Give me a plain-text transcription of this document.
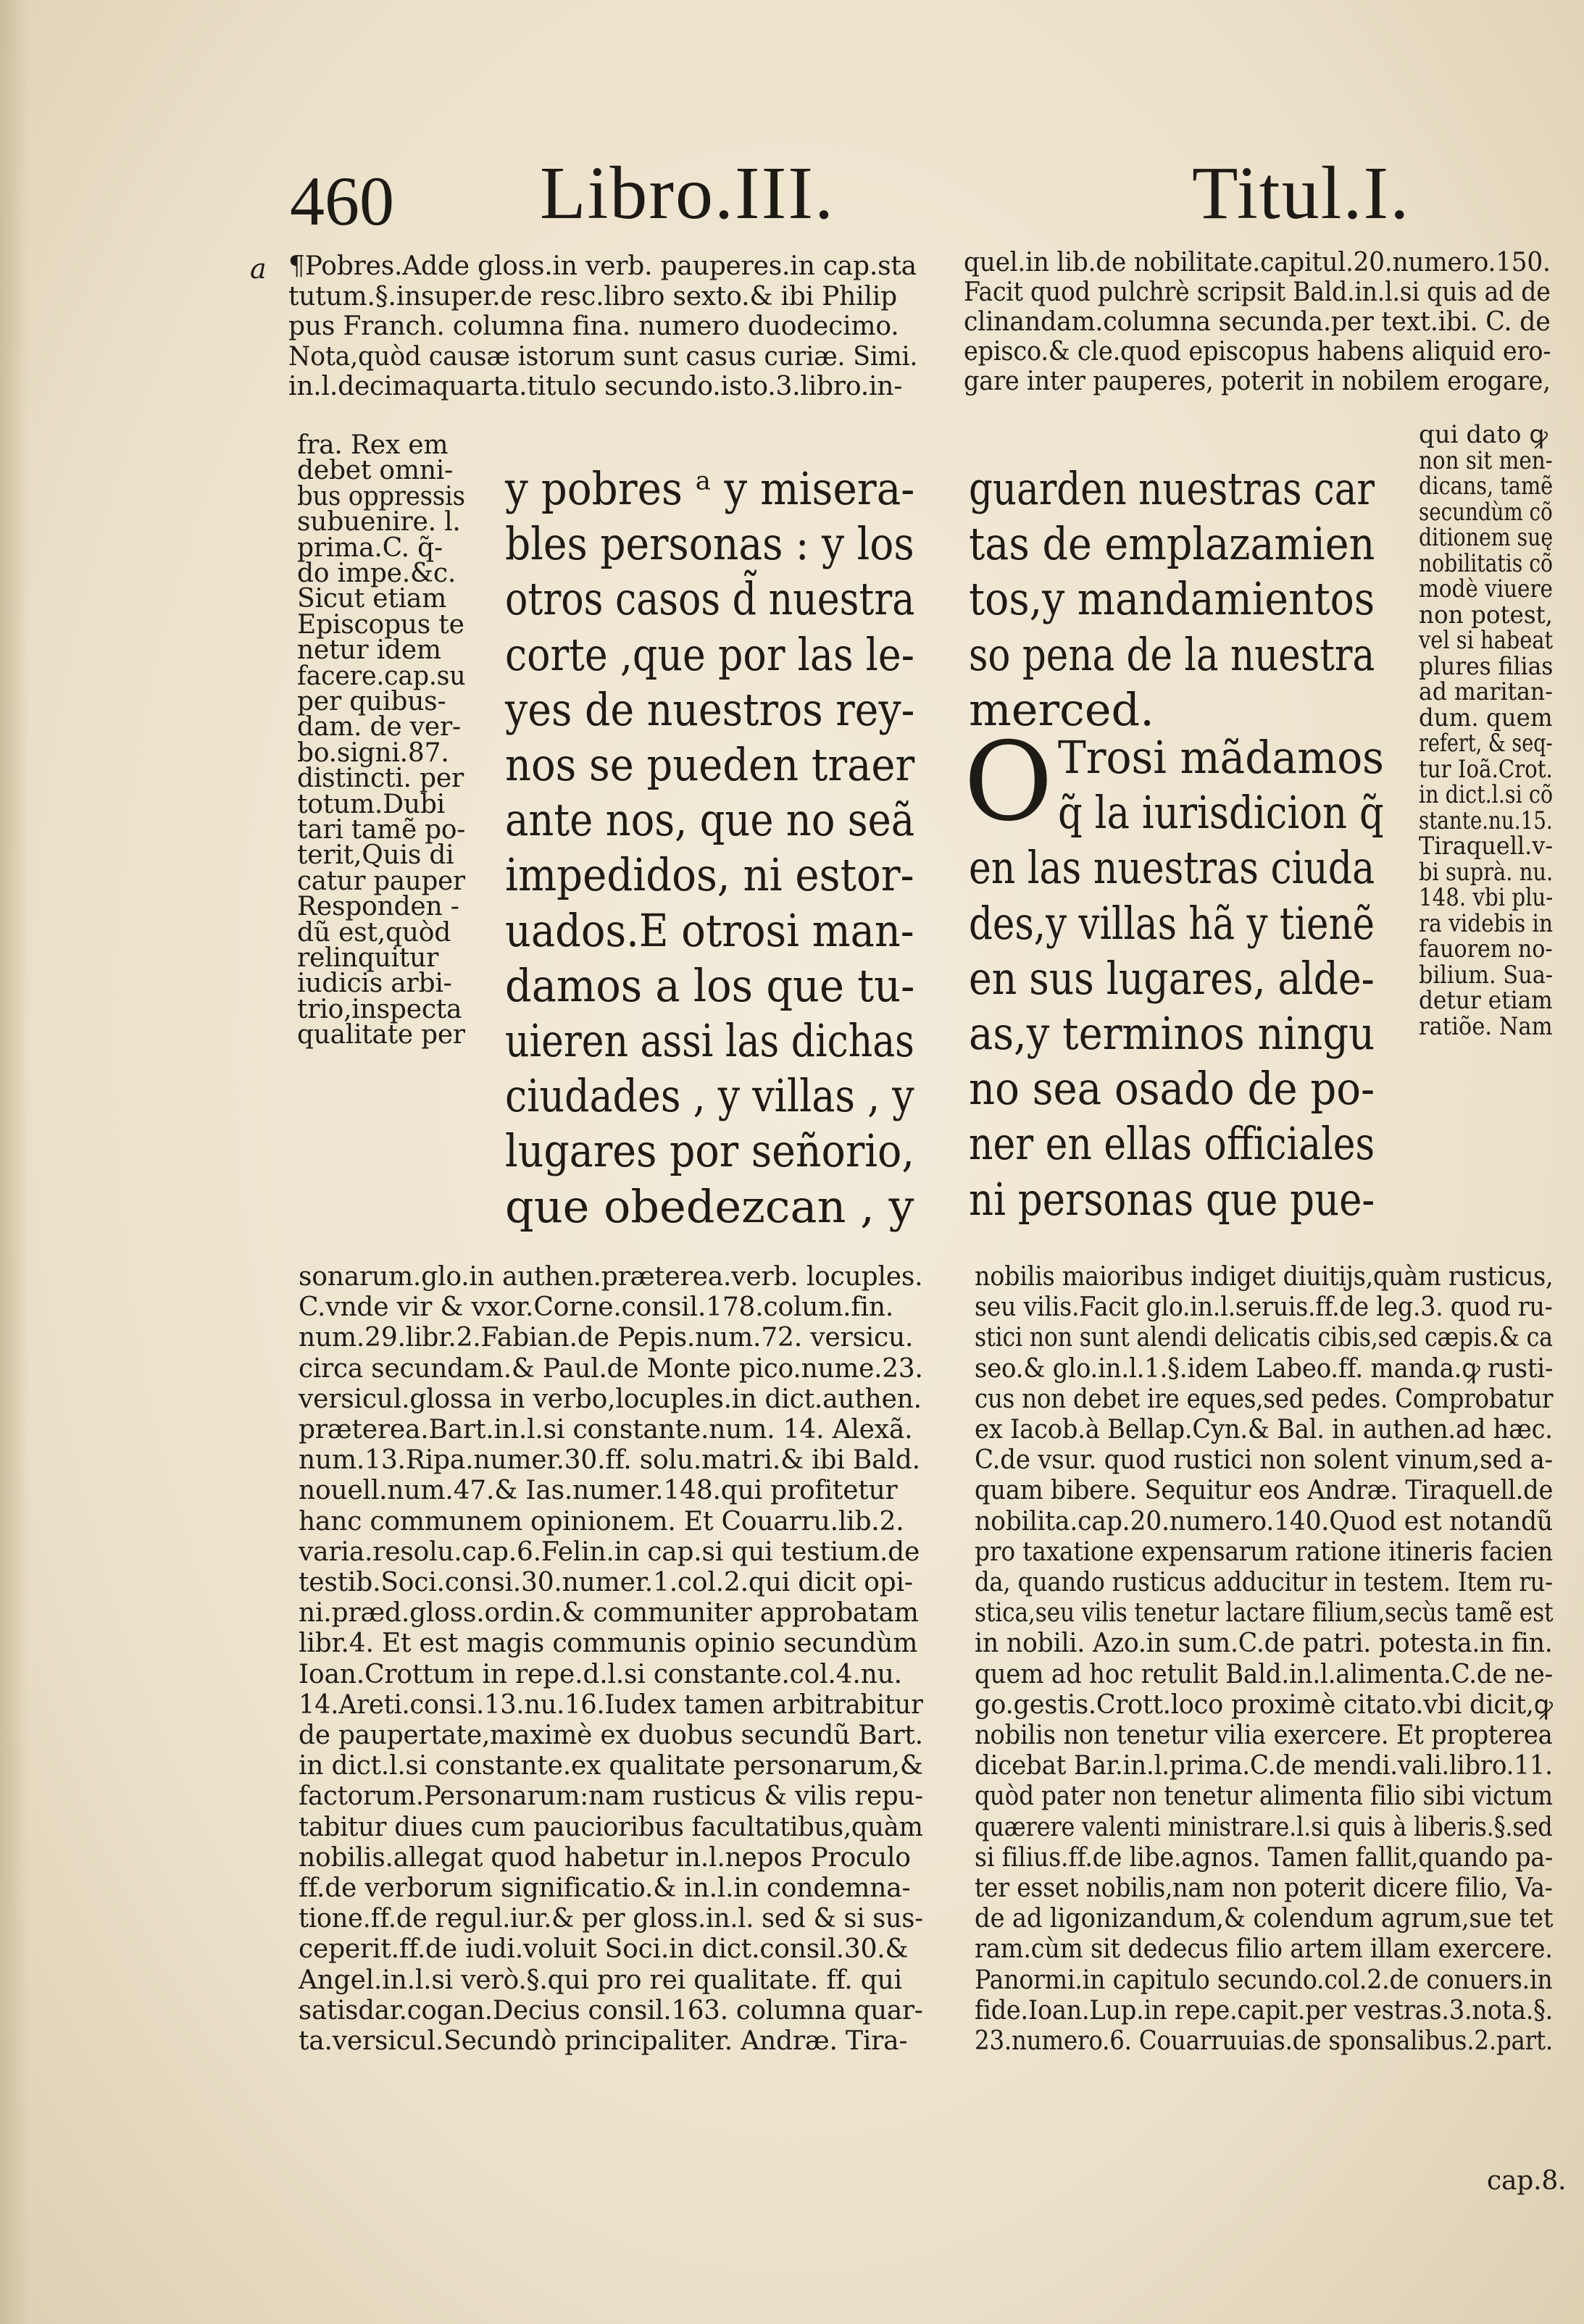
460 Libro.III.	Titul.I.
a ¶Pobres.Adde gloss.in verb. pauperes.in cap.sta
tutum.§.insuper.de resc.libro sexto.& ibi Philip
pus Franch. columna fina. numero duodecimo.
Nota,quòd causæ istorum sunt casus curiæ. Simi.
in.l.decimaquarta.titulo secundo.isto.3.libro.in-
fra. Rex em
debet omni-
bus oppressis
subuenire. l.
prima.C. q̃-
do impe.&c.
Sicut etiam
Episcopus te
netur idem
facere.cap.su
per quibus-
dam. de ver-
bo.signi.87.
distincti. per
totum.Dubi
tari tamẽ po-
terit,Quis di
catur pauper
Responden -
dũ est,quòd
relinquitur
iudicis arbi-
trio,inspecta
qualitate per
y pobres ᵃ y misera-
bles personas : y los
otros casos d̃ nuestra
corte ,que por las le-
yes de nuestros rey-
nos se pueden traer
ante nos, que no seã
impedidos, ni estor-
uados.E otrosi man-
damos a los que tu-
uieren assi las dichas
ciudades , y villas , y
lugares por señorio,
que obedezcan , y
sonarum.glo.in authen.præterea.verb. locuples.
C.vnde vir & vxor.Corne.consil.178.colum.fin.
num.29.libr.2.Fabian.de Pepis.num.72. versicu.
circa secundam.& Paul.de Monte pico.nume.23.
versicul.glossa in verbo,locuples.in dict.authen.
præterea.Bart.in.l.si constante.num. 14. Alexã.
num.13.Ripa.numer.30.ff. solu.matri.& ibi Bald.
nouell.num.47.& Ias.numer.148.qui profitetur
hanc communem opinionem. Et Couarru.lib.2.
varia.resolu.cap.6.Felin.in cap.si qui testium.de
testib.Soci.consi.30.numer.1.col.2.qui dicit opi-
ni.præd.gloss.ordin.& communiter approbatam
libr.4. Et est magis communis opinio secundùm
Ioan.Crottum in repe.d.l.si constante.col.4.nu.
14.Areti.consi.13.nu.16.Iudex tamen arbitrabitur
de paupertate,maximè ex duobus secundũ Bart.
in dict.l.si constante.ex qualitate personarum,&
factorum.Personarum:nam rusticus & vilis repu-
tabitur diues cum paucioribus facultatibus,quàm
nobilis.allegat quod habetur in.l.nepos Proculo
ff.de verborum significatio.& in.l.in condemna-
tione.ff.de regul.iur.& per gloss.in.l. sed & si sus-
ceperit.ff.de iudi.voluit Soci.in dict.consil.30.&
Angel.in.l.si verò.§.qui pro rei qualitate. ff. qui
satisdar.cogan.Decius consil.163. columna quar-
ta.versicul.Secundò principaliter. Andræ. Tira-
quel.in lib.de nobilitate.capitul.20.numero.150.
Facit quod pulchrè scripsit Bald.in.l.si quis ad de
clinandam.columna secunda.per text.ibi. C. de
episco.& cle.quod episcopus habens aliquid ero-
gare inter pauperes, poterit in nobilem erogare,
guarden nuestras car
tas de emplazamien
tos,y mandamientos
so pena de la nuestra
merced.
qui dato ꝙ
non sit men-
dicans, tamẽ
secundùm cõ
ditionem suę
nobilitatis cõ
modè viuere
non potest,
vel si habeat
plures filias
ad maritan-
dum. quem
refert, & seq-
tur Ioã.Crot.
in dict.l.si cõ
stante.nu.15.
Tiraquell.v-
bi suprà. nu.
148. vbi plu-
ra videbis in
fauorem no-
bilium. Sua-
detur etiam
ratiõe. Nam
nobilis maioribus indiget diuitijs,quàm rusticus,
seu vilis.Facit glo.in.l.seruis.ff.de leg.3. quod ru-
stici non sunt alendi delicatis cibis,sed cæpis.& ca
seo.& glo.in.l.1.§.idem Labeo.ff. manda.ꝙ rusti-
cus non debet ire eques,sed pedes. Comprobatur
ex Iacob.à Bellap.Cyn.& Bal. in authen.ad hæc.
C.de vsur. quod rustici non solent vinum,sed a-
quam bibere. Sequitur eos Andræ. Tiraquell.de
nobilita.cap.20.numero.140.Quod est notandũ
pro taxatione expensarum ratione itineris facien
da, quando rusticus adducitur in testem. Item ru-
stica,seu vilis tenetur lactare filium,secùs tamẽ est
in nobili. Azo.in sum.C.de patri. potesta.in fin.
quem ad hoc retulit Bald.in.l.alimenta.C.de ne-
go.gestis.Crott.loco proximè citato.vbi dicit,ꝙ
nobilis non tenetur vilia exercere. Et propterea
dicebat Bar.in.l.prima.C.de mendi.vali.libro.11.
quòd pater non tenetur alimenta filio sibi victum
quærere valenti ministrare.l.si quis à liberis.§.sed
si filius.ff.de libe.agnos. Tamen fallit,quando pa-
ter esset nobilis,nam non poterit dicere filio, Va-
de ad ligonizandum,& colendum agrum,sue tet
ram.cùm sit dedecus filio artem illam exercere.
Panormi.in capitulo secundo.col.2.de conuers.in
fide.Ioan.Lup.in repe.capit.per vestras.3.nota.§.
23.numero.6. Couarruuias.de sponsalibus.2.part.
O Trosi mãdamos
q̃ la iurisdicion q̃
en las nuestras ciuda
des,y villas hã y tienẽ
en sus lugares, alde-
as,y terminos ningu
no sea osado de po-
ner en ellas officiales
ni personas que pue-
cap.8.
